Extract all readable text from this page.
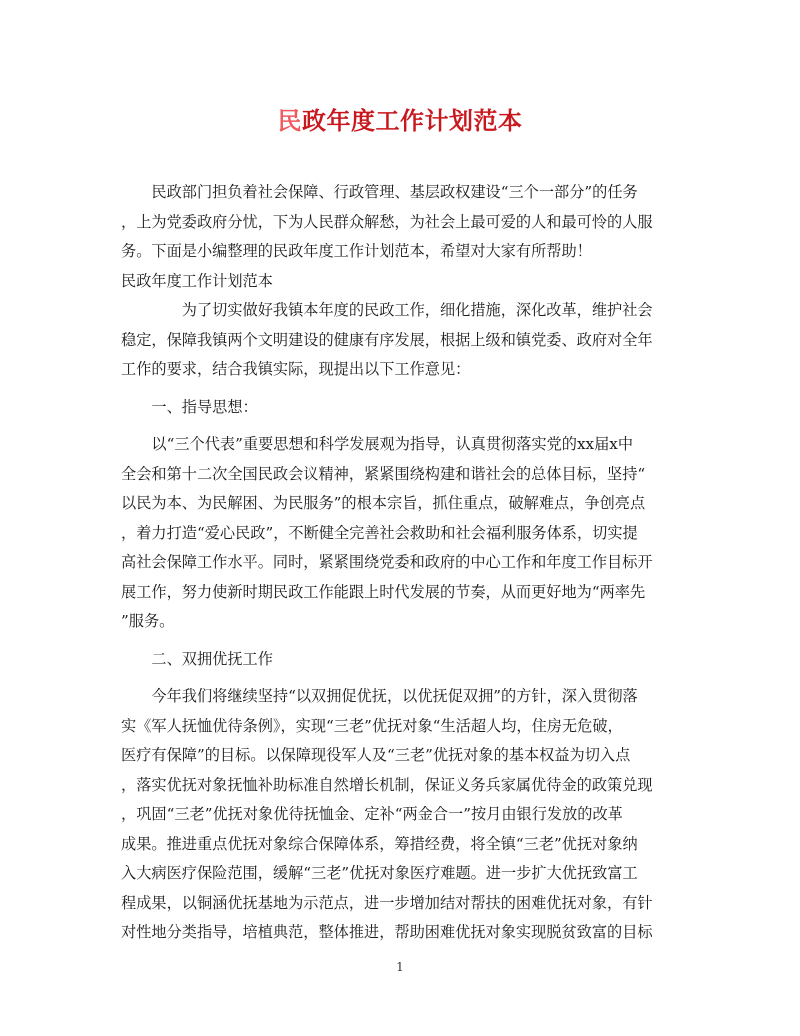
民政年度工作计划范本
　　民政部门担负着社会保障、行政管理、基层政权建设“三个一部分”的任务
，上为党委政府分忧，下为人民群众解愁，为社会上最可爱的人和最可怜的人服
务。下面是小编整理的民政年度工作计划范本，希望对大家有所帮助！
民政年度工作计划范本
　　　　为了切实做好我镇本年度的民政工作，细化措施，深化改革，维护社会
稳定，保障我镇两个文明建设的健康有序发展，根据上级和镇党委、政府对全年
工作的要求，结合我镇实际，现提出以下工作意见：
　　一、指导思想：
　　以“三个代表”重要思想和科学发展观为指导，认真贯彻落实党的xx届x中
全会和第十二次全国民政会议精神，紧紧围绕构建和谐社会的总体目标，坚持“
以民为本、为民解困、为民服务”的根本宗旨，抓住重点，破解难点，争创亮点
，着力打造“爱心民政”，不断健全完善社会救助和社会福利服务体系，切实提
高社会保障工作水平。同时，紧紧围绕党委和政府的中心工作和年度工作目标开
展工作，努力使新时期民政工作能跟上时代发展的节奏，从而更好地为“两率先
”服务。
　　二、双拥优抚工作
　　今年我们将继续坚持“以双拥促优抚，以优抚促双拥”的方针，深入贯彻落
实《军人抚恤优待条例》，实现“三老”优抚对象“生活超人均，住房无危破，
医疗有保障”的目标。以保障现役军人及“三老”优抚对象的基本权益为切入点
，落实优抚对象抚恤补助标准自然增长机制，保证义务兵家属优待金的政策兑现
，巩固“三老”优抚对象优待抚恤金、定补“两金合一”按月由银行发放的改革
成果。推进重点优抚对象综合保障体系，筹措经费，将全镇“三老”优抚对象纳
入大病医疗保险范围，缓解“三老”优抚对象医疗难题。进一步扩大优抚致富工
程成果，以铜涵优抚基地为示范点，进一步增加结对帮扶的困难优抚对象，有针
对性地分类指导，培植典范，整体推进，帮助困难优抚对象实现脱贫致富的目标
1
